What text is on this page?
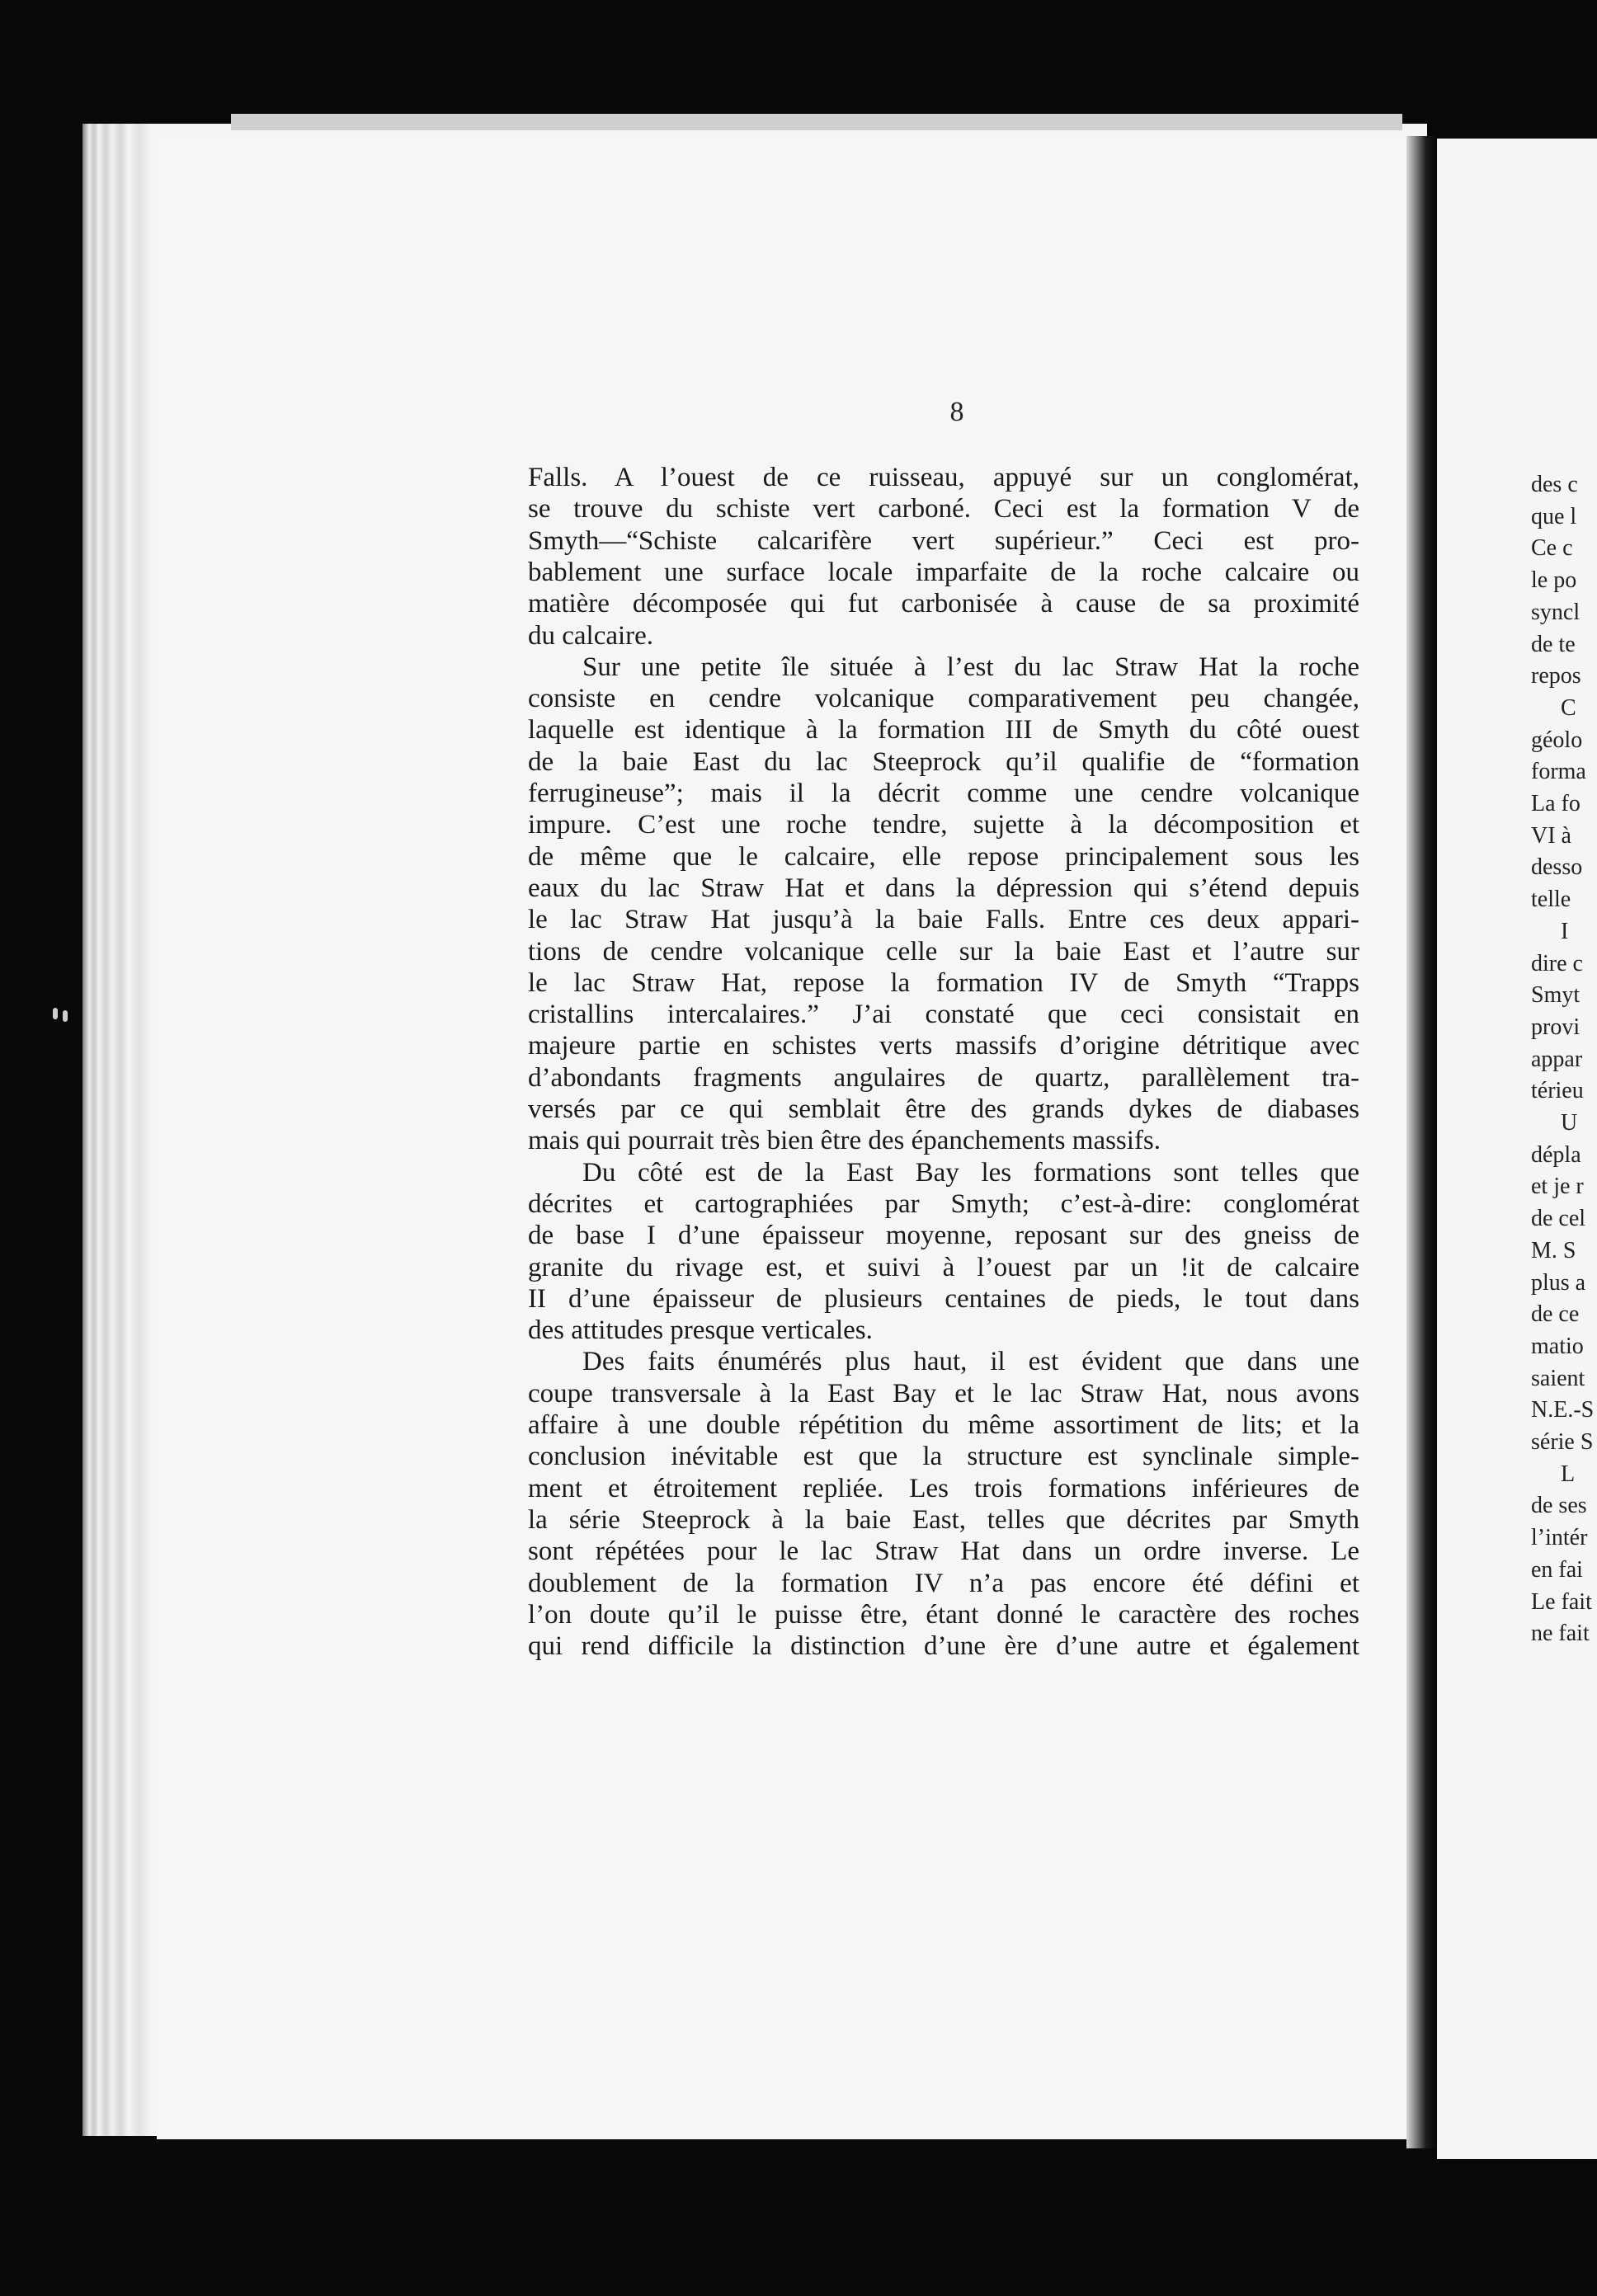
8
Falls. A l’ouest de ce ruisseau, appuyé sur un conglomérat,
se trouve du schiste vert carboné. Ceci est la formation V de
Smyth—“Schiste calcarifère vert supérieur.” Ceci est pro-
bablement une surface locale imparfaite de la roche calcaire ou
matière décomposée qui fut carbonisée à cause de sa proximité
du calcaire.
Sur une petite île située à l’est du lac Straw Hat la roche
consiste en cendre volcanique comparativement peu changée,
laquelle est identique à la formation III de Smyth du côté ouest
de la baie East du lac Steeprock qu’il qualifie de “formation
ferrugineuse”; mais il la décrit comme une cendre volcanique
impure. C’est une roche tendre, sujette à la décomposition et
de même que le calcaire, elle repose principalement sous les
eaux du lac Straw Hat et dans la dépression qui s’étend depuis
le lac Straw Hat jusqu’à la baie Falls. Entre ces deux appari-
tions de cendre volcanique celle sur la baie East et l’autre sur
le lac Straw Hat, repose la formation IV de Smyth “Trapps
cristallins intercalaires.” J’ai constaté que ceci consistait en
majeure partie en schistes verts massifs d’origine détritique avec
d’abondants fragments angulaires de quartz, parallèlement tra-
versés par ce qui semblait être des grands dykes de diabases
mais qui pourrait très bien être des épanchements massifs.
Du côté est de la East Bay les formations sont telles que
décrites et cartographiées par Smyth; c’est-à-dire: conglomérat
de base I d’une épaisseur moyenne, reposant sur des gneiss de
granite du rivage est, et suivi à l’ouest par un !it de calcaire
II d’une épaisseur de plusieurs centaines de pieds, le tout dans
des attitudes presque verticales.
Des faits énumérés plus haut, il est évident que dans une
coupe transversale à la East Bay et le lac Straw Hat, nous avons
affaire à une double répétition du même assortiment de lits; et la
conclusion inévitable est que la structure est synclinale simple-
ment et étroitement repliée. Les trois formations inférieures de
la série Steeprock à la baie East, telles que décrites par Smyth
sont répétées pour le lac Straw Hat dans un ordre inverse. Le
doublement de la formation IV n’a pas encore été défini et
l’on doute qu’il le puisse être, étant donné le caractère des roches
qui rend difficile la distinction d’une ère d’une autre et également
des c
que l
Ce c
le po
syncl
de te
repos
C
géolo
forma
La fo
VI à
desso
telle
I
dire c
Smyt
provi
appar
térieu
U
dépla
et je r
de cel
M. S
plus a
de ce
matio
saient
N.E.-S
série S
L
de ses
l’intér
en fai
Le fait
ne fait
